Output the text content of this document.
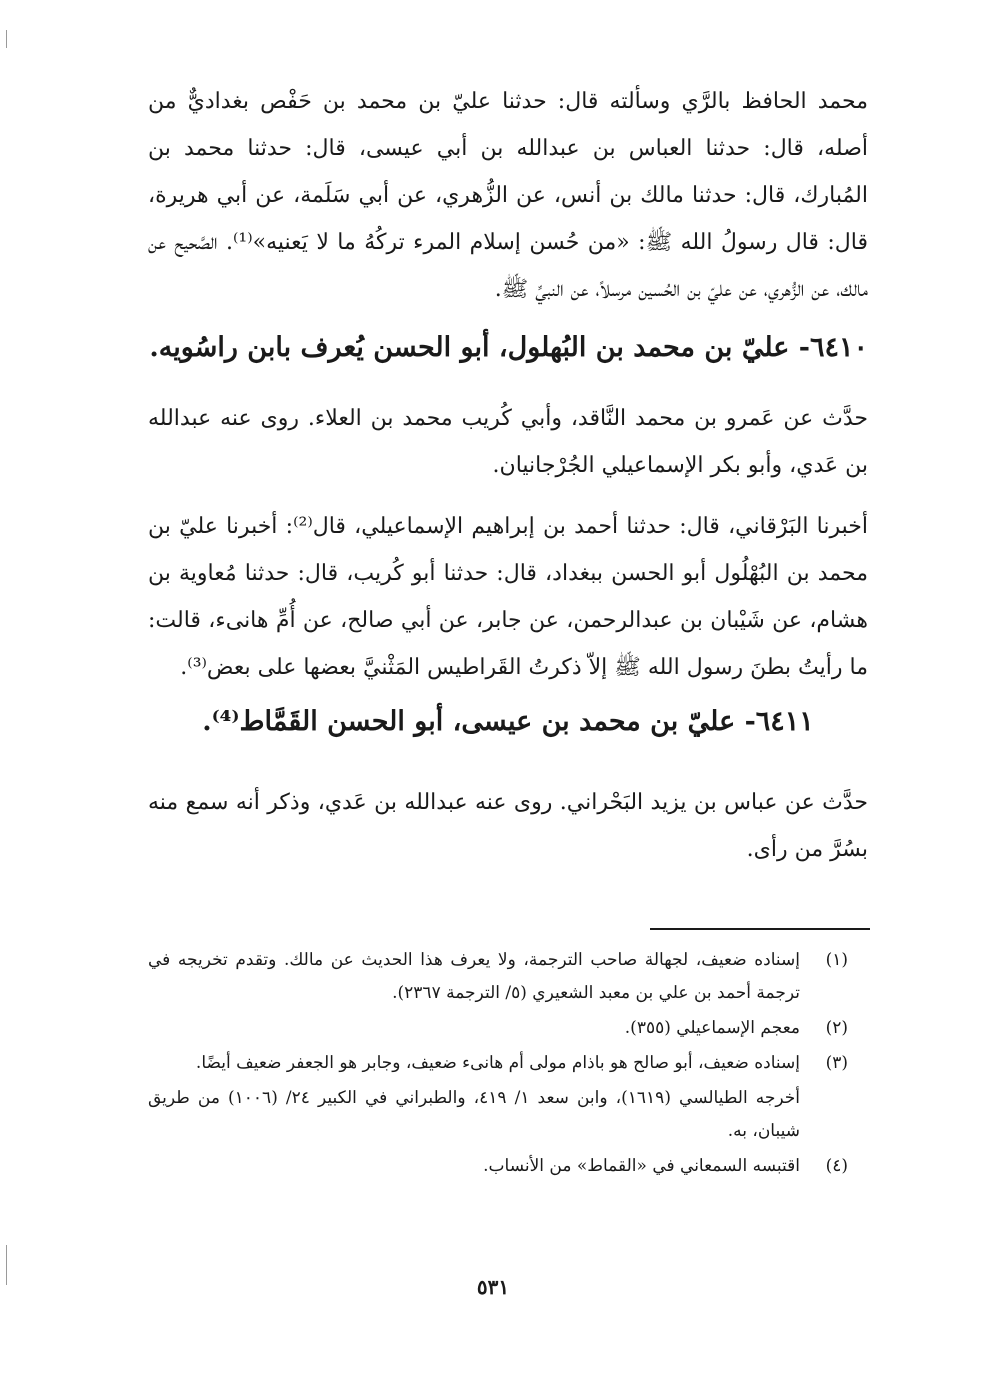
محمد الحافظ بالرَّي وسألته قال: حدثنا عليّ بن محمد بن حَفْص بغداديٌّ من أصله، قال: حدثنا العباس بن عبدالله بن أبي عيسى، قال: حدثنا محمد بن المُبارك، قال: حدثنا مالك بن أنس، عن الزُّهري، عن أبي سَلَمة، عن أبي هريرة، قال: قال رسولُ الله ﷺ: «من حُسن إسلام المرء تركُهُ ما لا يَعنيه»⁽¹⁾. الصَّحيح عن مالك، عن الزُّهري، عن عليّ بن الحُسين مرسلاً، عن النبيِّ ﷺ.

٦٤١٠- عليّ بن محمد بن البُهلول، أبو الحسن يُعرف بابن راسُويه.

حدَّث عن عَمرو بن محمد النَّاقد، وأبي كُريب محمد بن العلاء. روى عنه عبدالله بن عَدي، وأبو بكر الإسماعيلي الجُرْجانيان.

أخبرنا البَرْقاني، قال: حدثنا أحمد بن إبراهيم الإسماعيلي، قال⁽²⁾: أخبرنا عليّ بن محمد بن البُهْلُول أبو الحسن ببغداد، قال: حدثنا أبو كُريب، قال: حدثنا مُعاوية بن هشام، عن شَيْبان بن عبدالرحمن، عن جابر، عن أبي صالح، عن أُمِّ هانىء، قالت: ما رأيتُ بطنَ رسول الله ﷺ إلاّ ذكرتُ القَراطيس المَثْنيَّ بعضها على بعض⁽³⁾.

٦٤١١- عليّ بن محمد بن عيسى، أبو الحسن القَمَّاط⁽⁴⁾.

حدَّث عن عباس بن يزيد البَحْراني. روى عنه عبدالله بن عَدي، وذكر أنه سمع منه بسُرَّ من رأى.

(١)
إسناده ضعيف، لجهالة صاحب الترجمة، ولا يعرف هذا الحديث عن مالك. وتقدم تخريجه في ترجمة أحمد بن علي بن معبد الشعيري (٥/ الترجمة ٢٣٦٧).
(٢)
معجم الإسماعيلي (٣٥٥).
(٣)
إسناده ضعيف، أبو صالح هو باذام مولى أم هانىء ضعيف، وجابر هو الجعفر ضعيف أيضًا.
أخرجه الطيالسي (١٦١٩)، وابن سعد ١/ ٤١٩، والطبراني في الكبير ٢٤/ (١٠٠٦) من طريق شيبان، به.
(٤)
اقتبسه السمعاني في «القماط» من الأنساب.
٥٣١
